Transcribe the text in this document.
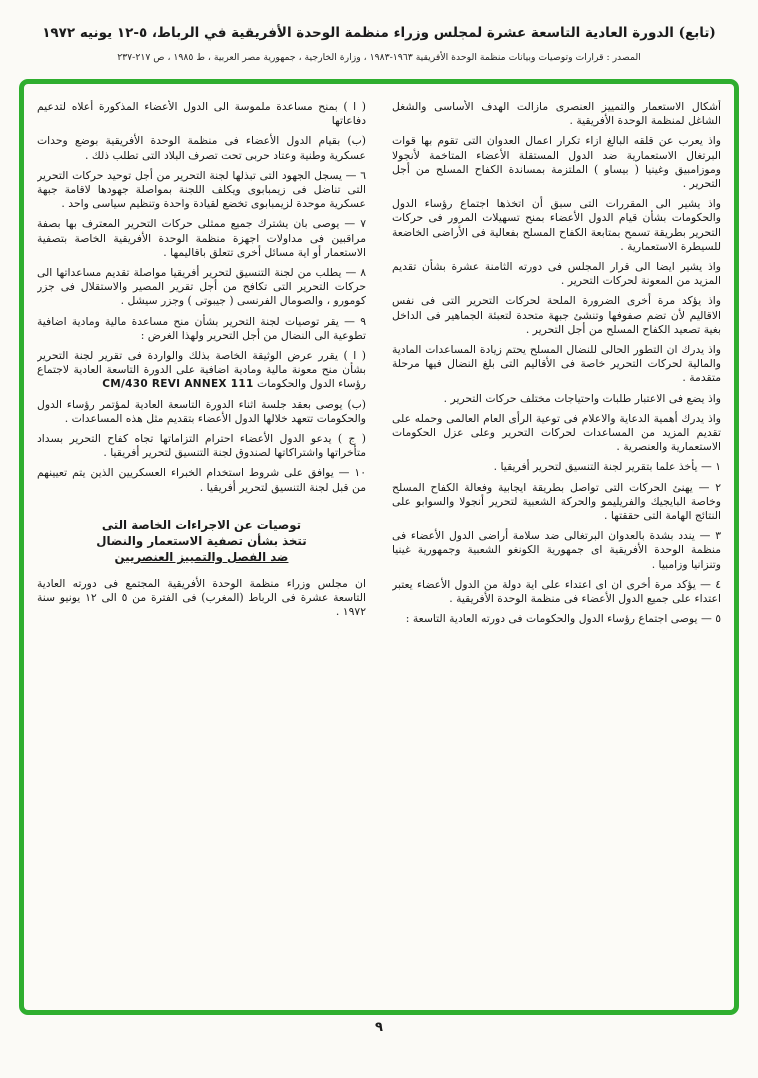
(تابع) الدورة العادية التاسعة عشرة لمجلس وزراء منظمة الوحدة الأفريقية في الرباط، ٥-١٢ يونيه ١٩٧٢
المصدر : قرارات وتوصيات وبيانات منظمة الوحدة الأفريقية ١٩٦٣-١٩٨٣ ، وزارة الخارجية ، جمهورية مصر العربية ، ط ١٩٨٥ ، ص ٢١٧-٢٣٧

أشكال الاستعمار والتمييز العنصرى مازالت الهدف الأساسى والشغل الشاغل لمنظمة الوحدة الأفريقية .

واذ يعرب عن قلقه البالغ ازاء تكرار اعمال العدوان التى تقوم بها قوات البرتغال الاستعمارية ضد الدول المستقلة الأعضاء المتاخمة لأنجولا وموزامبيق وغينيا ( بيساو ) الملتزمة بمساندة الكفاح المسلح من أجل التحرير .

واذ يشير الى المقررات التى سبق أن اتخذها اجتماع رؤساء الدول والحكومات بشأن قيام الدول الأعضاء بمنح تسهيلات المرور فى حركات التحرير بطريقة تسمح بمتابعة الكفاح المسلح بفعالية فى الأراضى الخاضعة للسيطرة الاستعمارية .

واذ يشير ايضا الى قرار المجلس فى دورته الثامنة عشرة بشأن تقديم المزيد من المعونة لحركات التحرير .

واذ يؤكد مرة أخرى الضرورة الملحة لحركات التحرير التى فى نفس الاقاليم لأن تضم صفوفها وتنشئ جبهة متحدة لتعبئة الجماهير فى الداخل بغية تصعيد الكفاح المسلح من أجل التحرير .

واذ يدرك ان التطور الحالى للنضال المسلح يحتم زيادة المساعدات المادية والمالية لحركات التحرير خاصة فى الأقاليم التى بلغ النضال فيها مرحلة متقدمة .

واذ يضع فى الاعتبار طلبات واحتياجات مختلف حركات التحرير .

واذ يدرك أهمية الدعاية والاعلام فى توعية الرأى العام العالمى وحمله على تقديم المزيد من المساعدات لحركات التحرير وعلى عزل الحكومات الاستعمارية والعنصرية .

١ — يأخذ علما بتقرير لجنة التنسيق لتحرير أفريقيا .

٢ — يهنئ الحركات التى تواصل بطريقة ايجابية وفعالة الكفاح المسلح وخاصة البايجيك والفريليمو والحركة الشعبية لتحرير أنجولا والسوابو على النتائج الهامة التى حققتها .

٣ — يندد بشدة بالعدوان البرتغالى ضد سلامة أراضى الدول الأعضاء فى منظمة الوحدة الأفريقية اى جمهورية الكونغو الشعبية وجمهورية غينيا وتنزانيا وزامبيا .

٤ — يؤكد مرة أخرى ان اى اعتداء على اية دولة من الدول الأعضاء يعتبر اعتداء على جميع الدول الأعضاء فى منظمة الوحدة الأفريقية .

٥ — يوصى اجتماع رؤساء الدول والحكومات فى دورته العادية التاسعة :

( ا ) بمنح مساعدة ملموسة الى الدول الأعضاء المذكورة أعلاه لتدعيم دفاعاتها

(ب) بقيام الدول الأعضاء فى منظمة الوحدة الأفريقية بوضع وحدات عسكرية وطنية وعتاد حربى تحت تصرف البلاد التى تطلب ذلك .

٦ — يسجل الجهود التى تبذلها لجنة التحرير من أجل توحيد حركات التحرير التى تناضل فى زيمبابوى ويكلف اللجنة بمواصلة جهودها لاقامة جبهة عسكرية موحدة لزيمبابوى تخضع لقيادة واحدة وتنظيم سياسى واحد .

٧ — يوصى بان يشترك جميع ممثلى حركات التحرير المعترف بها بصفة مراقبين فى مداولات اجهزة منظمة الوحدة الأفريقية الخاصة بتصفية الاستعمار أو اية مسائل أخرى تتعلق باقاليمها .

٨ — يطلب من لجنة التنسيق لتحرير أفريقيا مواصلة تقديم مساعداتها الى حركات التحرير التى تكافح من أجل تقرير المصير والاستقلال فى جزر كومورو ، والصومال الفرنسى ( جيبوتى ) وجزر سيشل .

٩ — يقر توصيات لجنة التحرير بشأن منح مساعدة مالية ومادية اضافية تطوعية الى النضال من أجل التحرير ولهذا الغرض :

( ا ) يقرر عرض الوثيقة الخاصة بذلك والواردة فى تقرير لجنة التحرير بشأن منح معونة مالية ومادية اضافية على الدورة التاسعة العادية لاجتماع رؤساء الدول والحكومات CM/430 REVI ANNEX 111

(ب) يوصى بعقد جلسة اثناء الدورة التاسعة العادية لمؤتمر رؤساء الدول والحكومات تتعهد خلالها الدول الأعضاء بتقديم مثل هذه المساعدات .

( ج ) يدعو الدول الأعضاء احترام التزاماتها تجاه كفاح التحرير بسداد متأخراتها واشتراكاتها لصندوق لجنة التنسيق لتحرير أفريقيا .

١٠ — يوافق على شروط استخدام الخبراء العسكريين الذين يتم تعيينهم من قبل لجنة التنسيق لتحرير أفريقيا .

توصيات عن الاجراءات الخاصة التى
تتخذ بشأن تصفية الاستعمار والنضال
ضد الفصل والتمييز العنصريين

ان مجلس وزراء منظمة الوحدة الأفريقية المجتمع فى دورته العادية التاسعة عشرة فى الرباط (المغرب) فى الفترة من ٥ الى ١٢ يونيو سنة ١٩٧٢ .

٩
